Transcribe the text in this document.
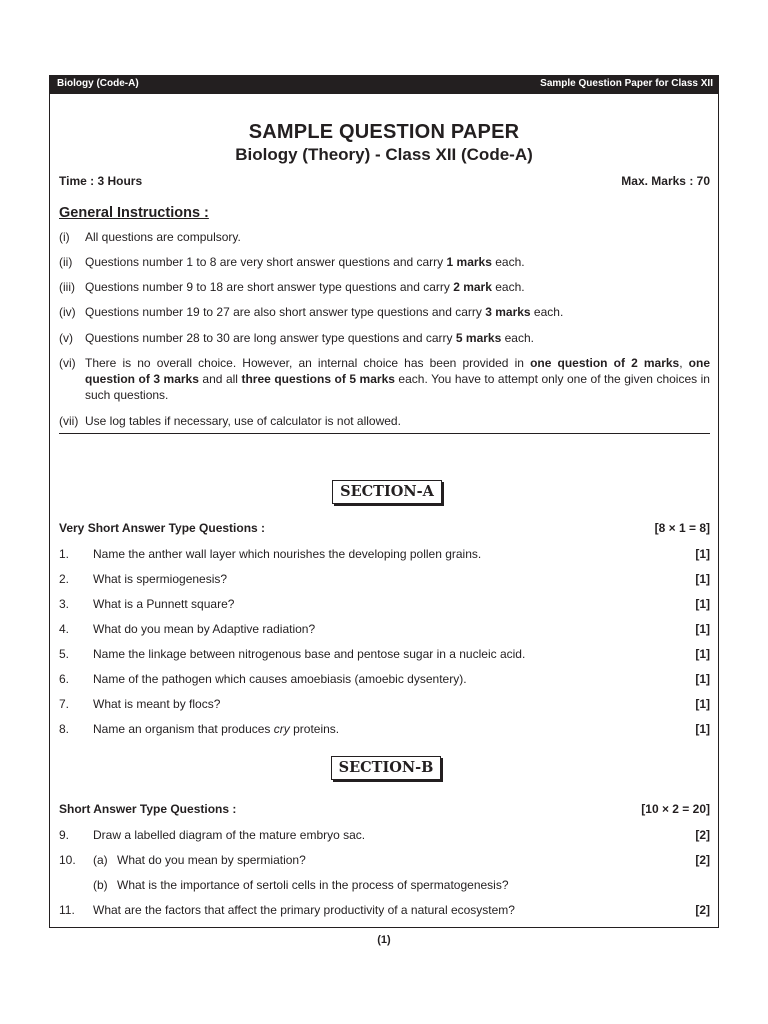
Biology (Code-A)	Sample Question Paper for Class XII
SAMPLE QUESTION PAPER
Biology (Theory) - Class XII (Code-A)
Time : 3 Hours	Max. Marks : 70
General Instructions :
(i) All questions are compulsory.
(ii) Questions number 1 to 8 are very short answer questions and carry 1 marks each.
(iii) Questions number 9 to 18 are short answer type questions and carry 2 mark each.
(iv) Questions number 19 to 27 are also short answer type questions and carry 3 marks each.
(v) Questions number 28 to 30 are long answer type questions and carry 5 marks each.
(vi) There is no overall choice. However, an internal choice has been provided in one question of 2 marks, one question of 3 marks and all three questions of 5 marks each. You have to attempt only one of the given choices in such questions.
(vii) Use log tables if necessary, use of calculator is not allowed.
SECTION-A
Very Short Answer Type Questions :	[8 × 1 = 8]
1. Name the anther wall layer which nourishes the developing pollen grains.	[1]
2. What is spermiogenesis?	[1]
3. What is a Punnett square?	[1]
4. What do you mean by Adaptive radiation?	[1]
5. Name the linkage between nitrogenous base and pentose sugar in a nucleic acid.	[1]
6. Name of the pathogen which causes amoebiasis (amoebic dysentery).	[1]
7. What is meant by flocs?	[1]
8. Name an organism that produces cry proteins.	[1]
SECTION-B
Short Answer Type Questions :	[10 × 2 = 20]
9. Draw a labelled diagram of the mature embryo sac.	[2]
10. (a) What do you mean by spermiation?	[2]
(b) What is the importance of sertoli cells in the process of spermatogenesis?
11. What are the factors that affect the primary productivity of a natural ecosystem?	[2]
(1)
